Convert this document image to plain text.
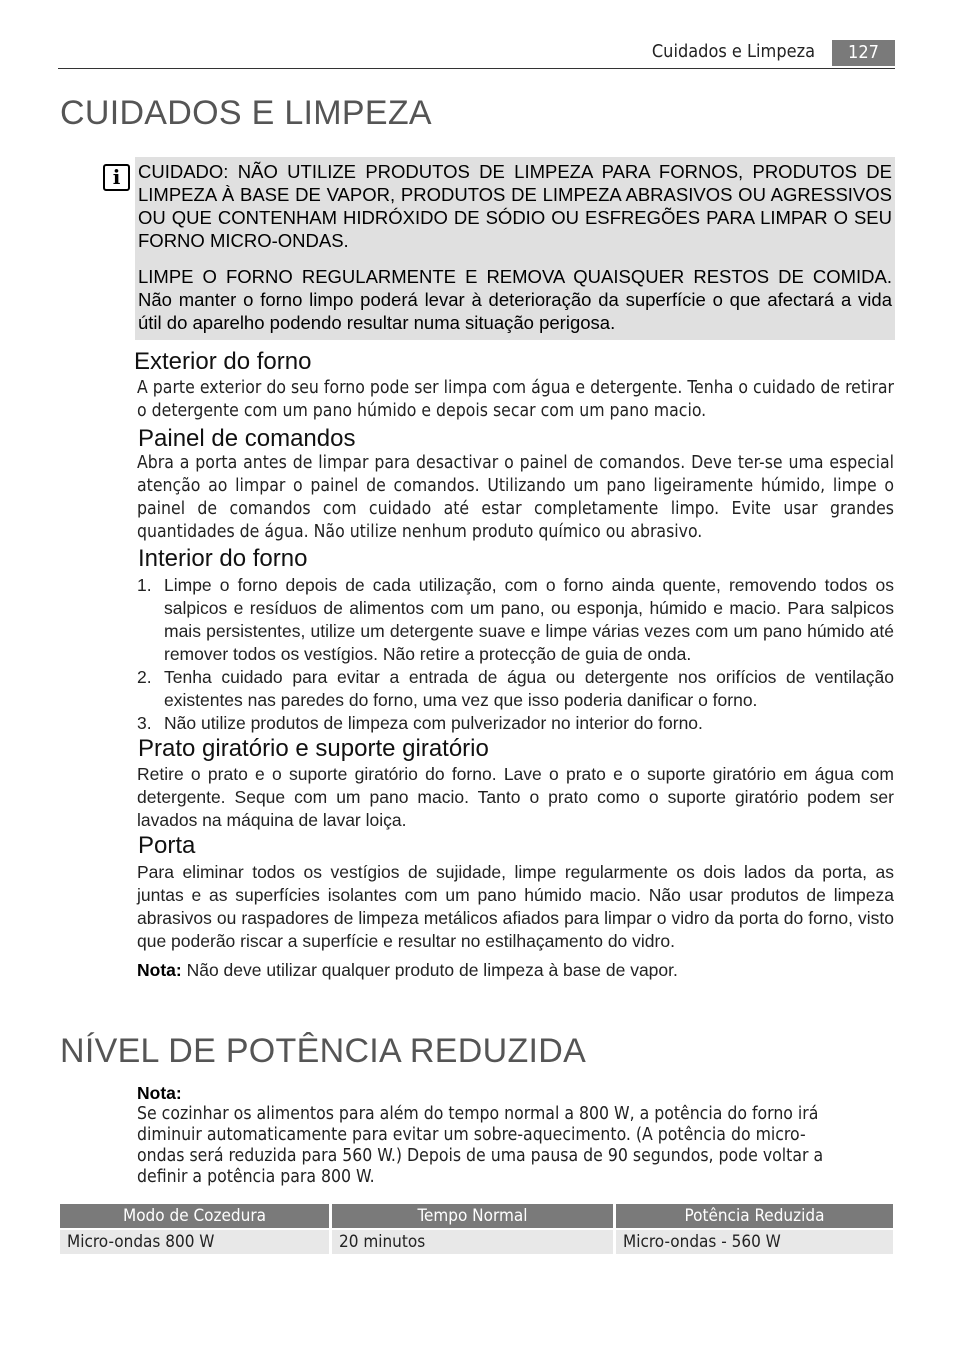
Cuidados e Limpeza	127
CUIDADOS E LIMPEZA
i CUIDADO: NÃO UTILIZE PRODUTOS DE LIMPEZA PARA FORNOS, PRODUTOS DE LIMPEZA À BASE DE VAPOR, PRODUTOS DE LIMPEZA ABRASIVOS OU AGRESSIVOS OU QUE CONTENHAM HIDRÓXIDO DE SÓDIO OU ESFREGÕES PARA LIMPAR O SEU FORNO MICRO-ONDAS.

LIMPE O FORNO REGULARMENTE E REMOVA QUAISQUER RESTOS DE COMIDA. Não manter o forno limpo poderá levar à deterioração da superfície o que afectará a vida útil do aparelho podendo resultar numa situação perigosa.

Exterior do forno

A parte exterior do seu forno pode ser limpa com água e detergente. Tenha o cuidado de retirar o detergente com um pano húmido e depois secar com um pano macio.

Painel de comandos

Abra a porta antes de limpar para desactivar o painel de comandos. Deve ter-se uma especial atenção ao limpar o painel de comandos. Utilizando um pano ligeiramente húmido, limpe o painel de comandos com cuidado até estar completamente limpo. Evite usar grandes quantidades de água. Não utilize nenhum produto químico ou abrasivo.

Interior do forno
1. Limpe o forno depois de cada utilização, com o forno ainda quente, removendo todos os salpicos e resíduos de alimentos com um pano, ou esponja, húmido e macio. Para salpicos mais persistentes, utilize um detergente suave e limpe várias vezes com um pano húmido até remover todos os vestígios. Não retire a protecção de guia de onda.
2. Tenha cuidado para evitar a entrada de água ou detergente nos orifícios de ventilação existentes nas paredes do forno, uma vez que isso poderia danificar o forno.
3. Não utilize produtos de limpeza com pulverizador no interior do forno.
Prato giratório e suporte giratório

Retire o prato e o suporte giratório do forno. Lave o prato e o suporte giratório em água com detergente. Seque com um pano macio. Tanto o prato como o suporte giratório podem ser lavados na máquina de lavar loiça.

Porta

Para eliminar todos os vestígios de sujidade, limpe regularmente os dois lados da porta, as juntas e as superfícies isolantes com um pano húmido macio. Não usar produtos de limpeza abrasivos ou raspadores de limpeza metálicos afiados para limpar o vidro da porta do forno, visto que poderão riscar a superfície e resultar no estilhaçamento do vidro.

Nota: Não deve utilizar qualquer produto de limpeza à base de vapor.

NÍVEL DE POTÊNCIA REDUZIDA
Nota:
Se cozinhar os alimentos para além do tempo normal a 800 W, a potência do forno irá diminuir automaticamente para evitar um sobre-aquecimento. (A potência do micro-ondas será reduzida para 560 W.) Depois de uma pausa de 90 segundos, pode voltar a definir a potência para 800 W.
Modo de Cozedura	Tempo Normal	Potência Reduzida
Micro-ondas 800 W	20 minutos	Micro-ondas - 560 W
